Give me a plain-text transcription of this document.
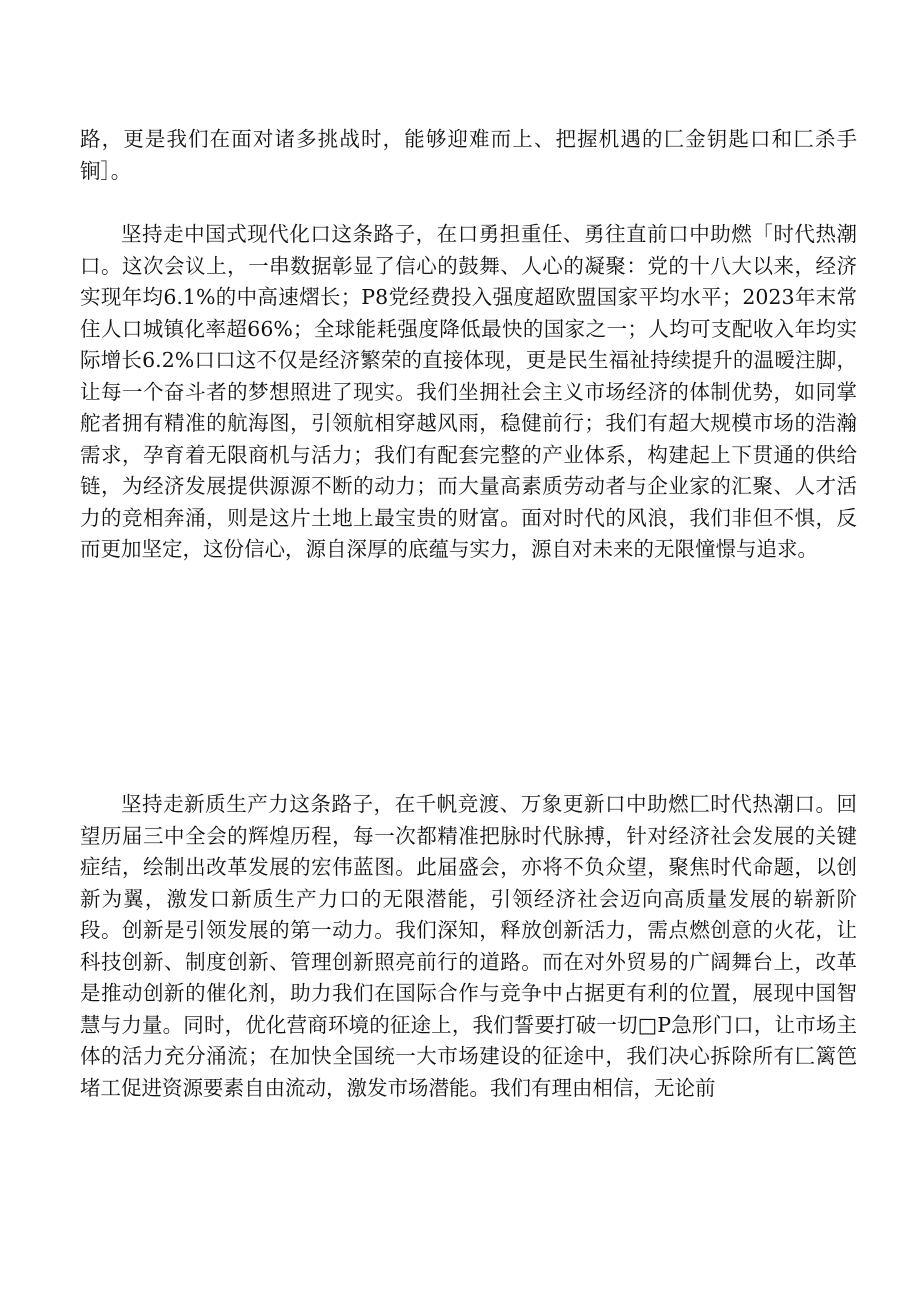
路，更是我们在面对诸多挑战时，能够迎难而上、把握机遇的匚金钥匙口和匚杀手锏］。

坚持走中国式现代化口这条路子，在口勇担重任、勇往直前口中助燃「时代热潮口。这次会议上，一串数据彰显了信心的鼓舞、人心的凝聚：党的十八大以来，经济实现年均6.1%的中高速熠长；P8党经费投入强度超欧盟国家平均水平；2023年末常住人口城镇化率超66%；全球能耗强度降低最快的国家之一；人均可支配收入年均实际增长6.2%口口这不仅是经济繁荣的直接体现，更是民生福祉持续提升的温暧注脚，让每一个奋斗者的梦想照进了现实。我们坐拥社会主义市场经济的体制优势，如同掌舵者拥有精准的航海图，引领航相穿越风雨，稳健前行；我们有超大规模市场的浩瀚需求，孕育着无限商机与活力；我们有配套完整的产业体系，构建起上下贯通的供给链，为经济发展提供源源不断的动力；而大量高素质劳动者与企业家的汇聚、人才活力的竞相奔涌，则是这片土地上最宝贵的财富。面对时代的风浪，我们非但不惧，反而更加坚定，这份信心，源自深厚的底蕴与实力，源自对未来的无限憧憬与追求。

坚持走新质生产力这条路子，在千帆竞渡、万象更新口中助燃匚时代热潮口。回望历届三中全会的辉煌历程，每一次都精准把脉时代脉搏，针对经济社会发展的关键症结，绘制出改革发展的宏伟蓝图。此届盛会，亦将不负众望，聚焦时代命题，以创新为翼，激发口新质生产力口的无限潜能，引领经济社会迈向高质量发展的崭新阶段。创新是引领发展的第一动力。我们深知，释放创新活力，需点燃创意的火花，让科技创新、制度创新、管理创新照亮前行的道路。而在对外贸易的广阔舞台上，改革是推动创新的催化剂，助力我们在国际合作与竞争中占据更有利的位置，展现中国智慧与力量。同时，优化营商环境的征途上，我们誓要打破一切□P急形门口，让市场主体的活力充分涌流；在加快全国统一大市场建设的征途中，我们决心拆除所有匚篱笆堵工促进资源要素自由流动，激发市场潜能。我们有理由相信，无论前
